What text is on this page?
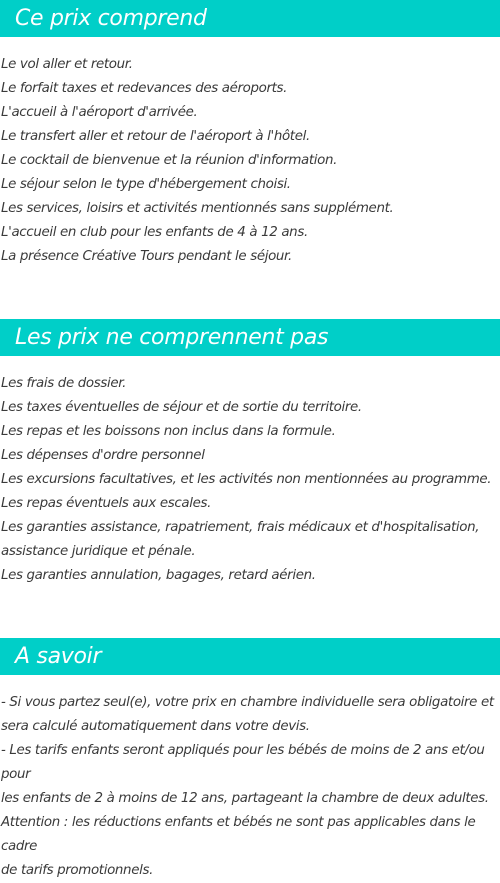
Ce prix comprend
Le vol aller et retour.
Le forfait taxes et redevances des aéroports.
L'accueil à l'aéroport d'arrivée.
Le transfert aller et retour de l'aéroport à l'hôtel.
Le cocktail de bienvenue et la réunion d'information.
Le séjour selon le type d'hébergement choisi.
Les services, loisirs et activités mentionnés sans supplément.
L'accueil en club pour les enfants de 4 à 12 ans.
La présence Créative Tours pendant le séjour.
Les prix ne comprennent pas
Les frais de dossier.
Les taxes éventuelles de séjour et de sortie du territoire.
Les repas et les boissons non inclus dans la formule.
Les dépenses d'ordre personnel
Les excursions facultatives, et les activités non mentionnées au programme.
Les repas éventuels aux escales.
Les garanties assistance, rapatriement, frais médicaux et d'hospitalisation,
assistance juridique et pénale.
Les garanties annulation, bagages, retard aérien.
A savoir
- Si vous partez seul(e), votre prix en chambre individuelle sera obligatoire et
sera calculé automatiquement dans votre devis.
- Les tarifs enfants seront appliqués pour les bébés de moins de 2 ans et/ou pour
les enfants de 2 à moins de 12 ans, partageant la chambre de deux adultes.
Attention : les réductions enfants et bébés ne sont pas applicables dans le cadre
de tarifs promotionnels.
